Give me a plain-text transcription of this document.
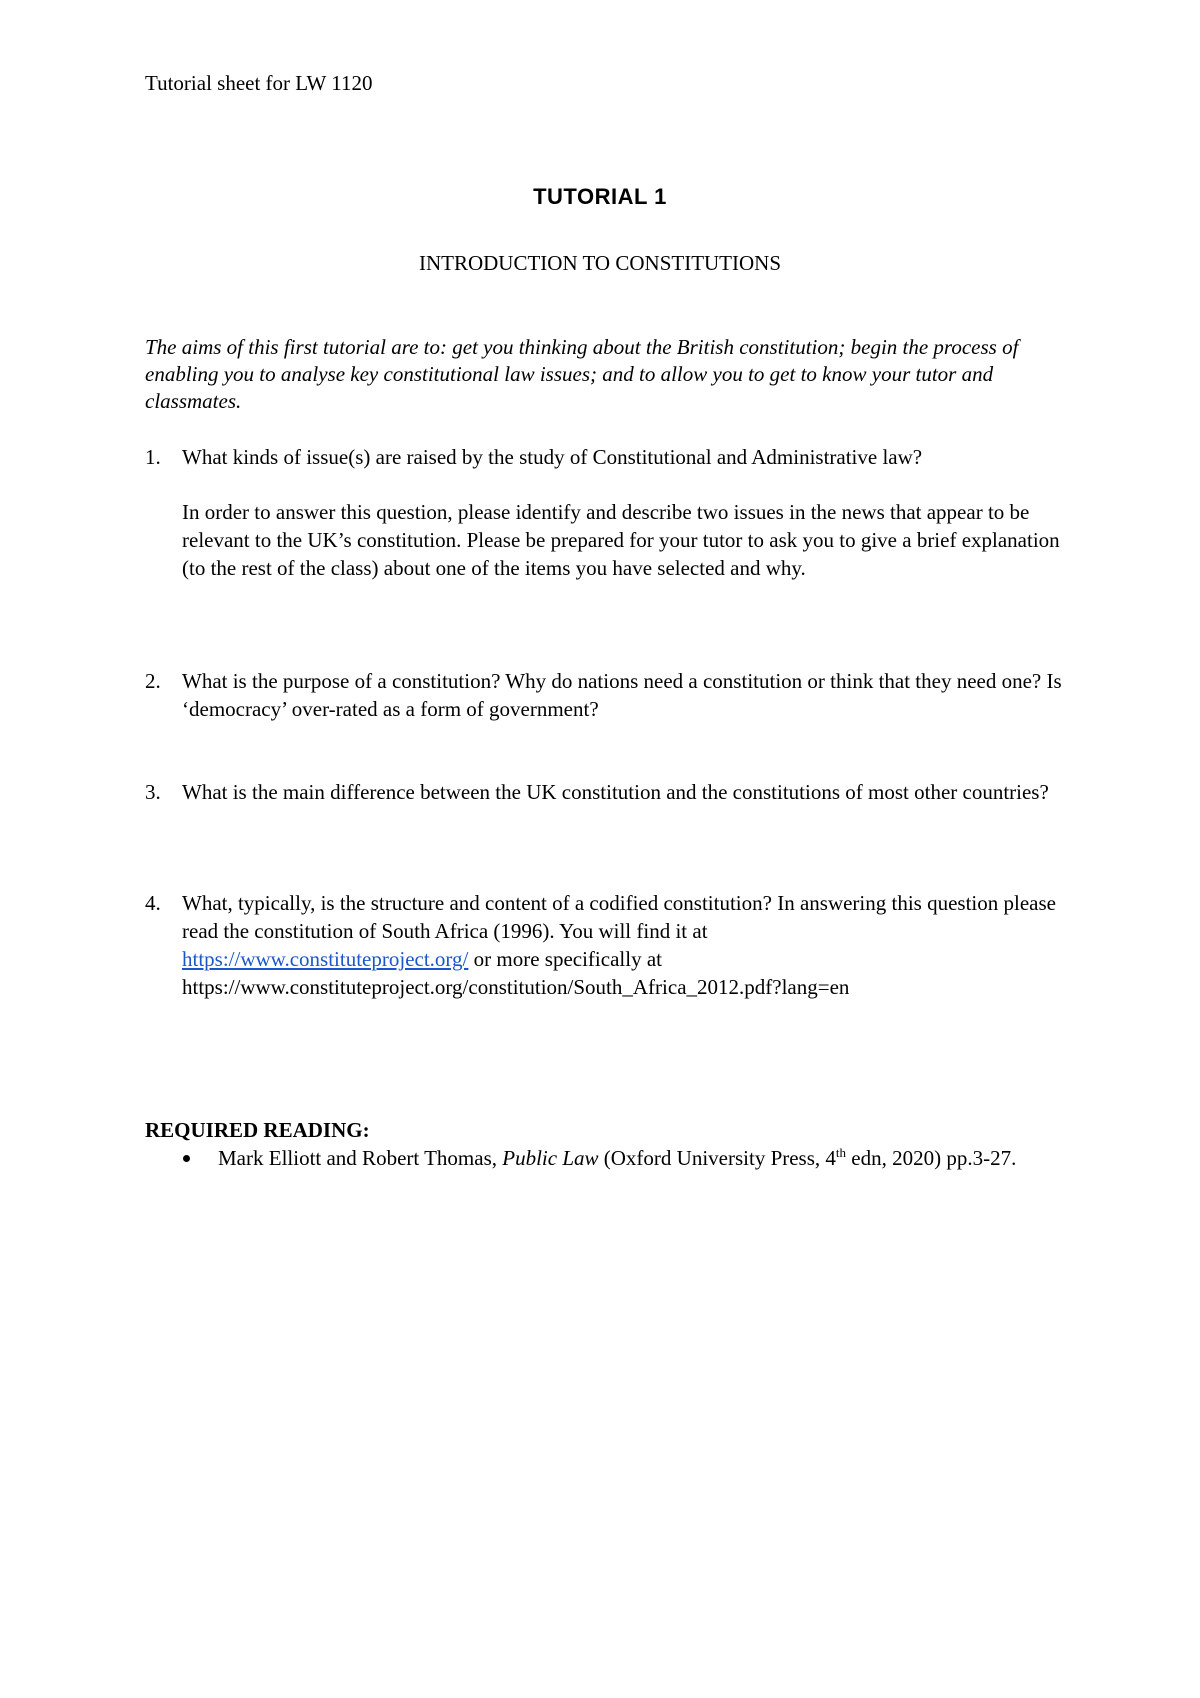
Tutorial sheet for LW 1120
TUTORIAL 1
INTRODUCTION TO CONSTITUTIONS
The aims of this first tutorial are to: get you thinking about the British constitution; begin the process of enabling you to analyse key constitutional law issues; and to allow you to get to know your tutor and classmates.
1. What kinds of issue(s) are raised by the study of Constitutional and Administrative law?

In order to answer this question, please identify and describe two issues in the news that appear to be relevant to the UK’s constitution. Please be prepared for your tutor to ask you to give a brief explanation (to the rest of the class) about one of the items you have selected and why.

2. What is the purpose of a constitution? Why do nations need a constitution or think that they need one? Is ‘democracy’ over-rated as a form of government?

3. What is the main difference between the UK constitution and the constitutions of most other countries?

4. What, typically, is the structure and content of a codified constitution? In answering this question please read the constitution of South Africa (1996). You will find it at
https://www.constituteproject.org/ or more specifically at
https://www.constituteproject.org/constitution/South_Africa_2012.pdf?lang=en

REQUIRED READING:
Mark Elliott and Robert Thomas, Public Law (Oxford University Press, 4th edn, 2020) pp.3-27.
